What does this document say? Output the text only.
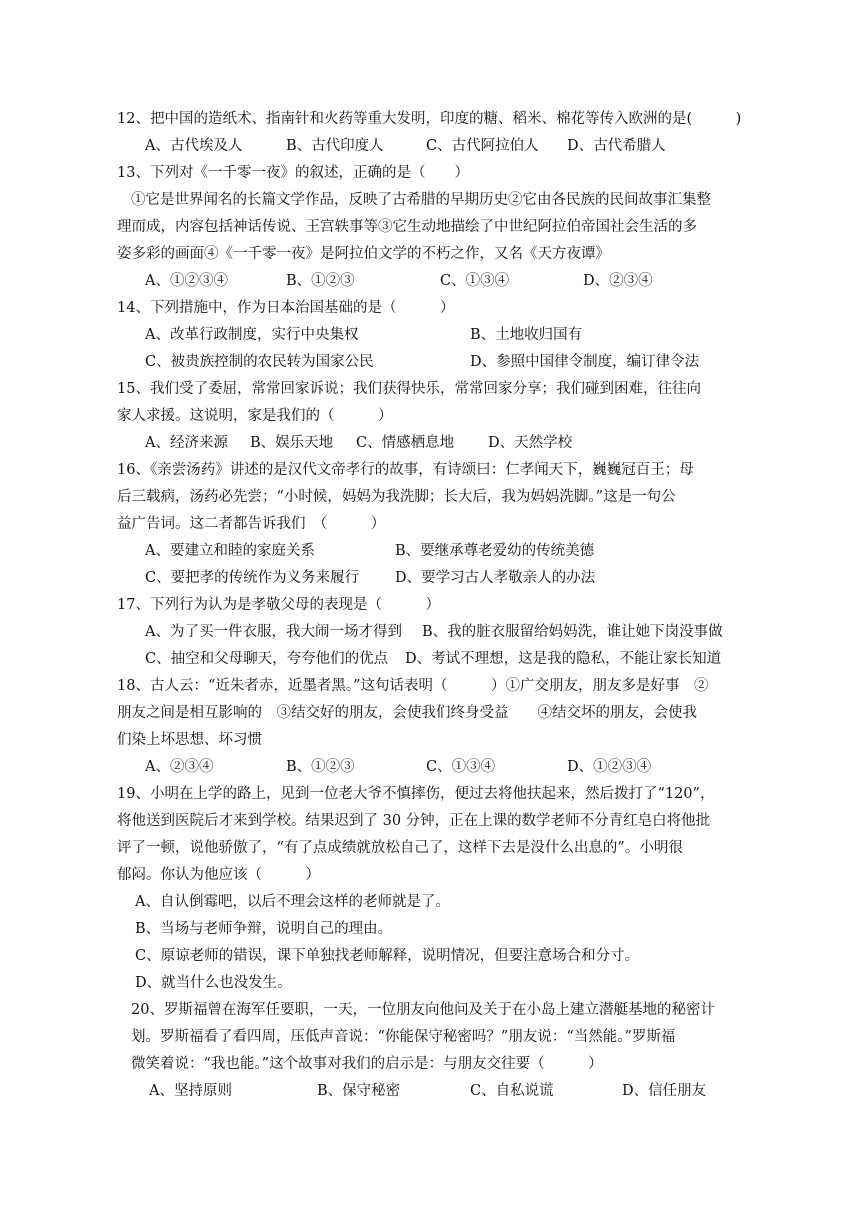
12、把中国的造纸术、指南针和火药等重大发明，印度的糖、稻米、棉花等传入欧洲的是(　　　)
A、古代埃及人	B、古代印度人	C、古代阿拉伯人 D、古代希腊人
13、下列对《一千零一夜》的叙述，正确的是（　　）
①它是世界闻名的长篇文学作品，反映了古希腊的早期历史②它由各民族的民间故事汇集整
理而成，内容包括神话传说、王宫轶事等③它生动地描绘了中世纪阿拉伯帝国社会生活的多
姿多彩的画面④《一千零一夜》是阿拉伯文学的不朽之作，又名《天方夜谭》
A、①②③④	B、①②③	C、①③④	D、②③④
14、下列措施中，作为日本治国基础的是（　　　）
A、改革行政制度，实行中央集权	B、土地收归国有
C、被贵族控制的农民转为国家公民	D、参照中国律令制度，编订律令法
15、我们受了委屈，常常回家诉说；我们获得快乐，常常回家分享；我们碰到困难，往往向
家人求援。这说明，家是我们的（　　　）
A、经济来源 B、娱乐天地 C、情感栖息地 D、天然学校
16、《亲尝汤药》讲述的是汉代文帝孝行的故事，有诗颂曰：仁孝闻天下，巍巍冠百王；母
后三载病，汤药必先尝；“小时候，妈妈为我洗脚；长大后，我为妈妈洗脚。”这是一句公
益广告词。这二者都告诉我们　（　　　）
A、要建立和睦的家庭关系	B、要继承尊老爱幼的传统美德
C、要把孝的传统作为义务来履行 D、要学习古人孝敬亲人的办法
17、下列行为认为是孝敬父母的表现是（　　　）
A、为了买一件衣服，我大闹一场才得到 B、我的脏衣服留给妈妈洗，谁让她下岗没事做
C、抽空和父母聊天，夸夸他们的优点 D、考试不理想，这是我的隐私，不能让家长知道
18、古人云：“近朱者赤，近墨者黑。”这句话表明（　　　）①广交朋友，朋友多是好事　②
朋友之间是相互影响的　③结交好的朋友，会使我们终身受益　　④结交坏的朋友，会使我
们染上坏思想、坏习惯
A、②③④	B、①②③	C、①③④	D、①②③④
19、小明在上学的路上，见到一位老大爷不慎摔伤，便过去将他扶起来，然后拨打了“120”，
将他送到医院后才来到学校。结果迟到了 30 分钟，正在上课的数学老师不分青红皂白将他批
评了一顿，说他骄傲了，“有了点成绩就放松自己了，这样下去是没什么出息的”。小明很
郁闷。你认为他应该（　　　）
A、自认倒霉吧，以后不理会这样的老师就是了。
B、当场与老师争辩，说明自己的理由。
C、原谅老师的错误，课下单独找老师解释，说明情况，但要注意场合和分寸。
D、就当什么也没发生。
20、罗斯福曾在海军任要职，一天，一位朋友向他问及关于在小岛上建立潜艇基地的秘密计
划。罗斯福看了看四周，压低声音说：“你能保守秘密吗？”朋友说：“当然能。”罗斯福
微笑着说：“我也能。”这个故事对我们的启示是：与朋友交往要（　　　）
A、坚持原则	B、保守秘密	C、自私说谎	D、信任朋友
